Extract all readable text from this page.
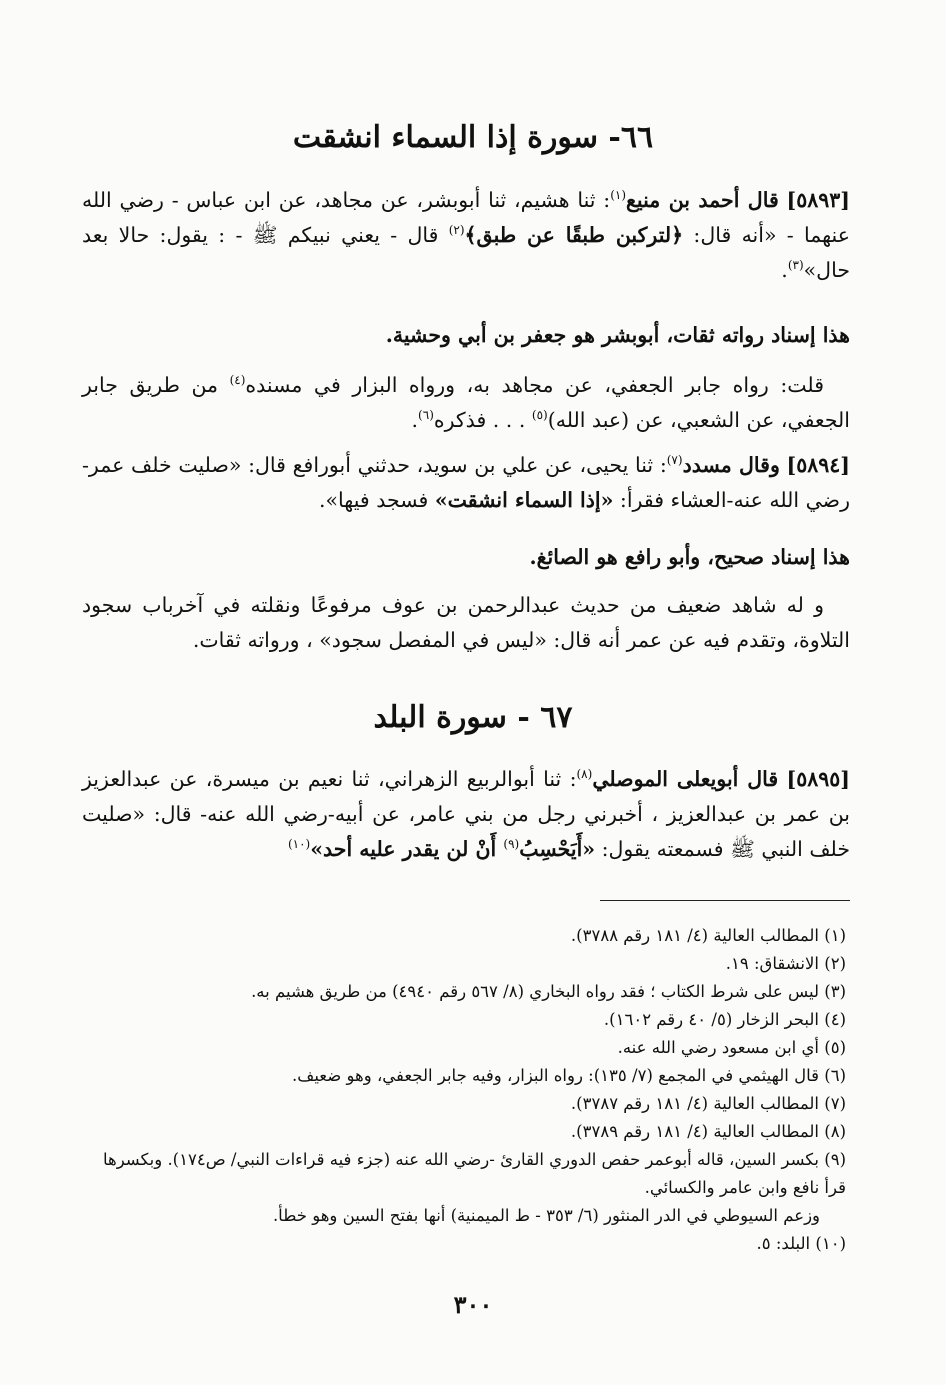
٦٦- سورة إذا السماء انشقت

[٥٨٩٣] قال أحمد بن منيع$^{(١)}$: ثنا هشيم، ثنا أبوبشر، عن مجاهد، عن ابن عباس - رضي الله عنهما - «أنه قال: ﴿لتركبن طبقًا عن طبق﴾$^{(٢)}$ قال - يعني نبيكم ﷺ - : يقول: حالا بعد حال»$^{(٣)}$.

هذا إسناد رواته ثقات، أبوبشر هو جعفر بن أبي وحشية.

قلت: رواه جابر الجعفي، عن مجاهد به، ورواه البزار في مسنده$^{(٤)}$ من طريق جابر الجعفي، عن الشعبي، عن (عبد الله)$^{(٥)}$ . . . فذكره$^{(٦)}$.

[٥٨٩٤] وقال مسدد$^{(٧)}$: ثنا يحيى، عن علي بن سويد، حدثني أبورافع قال: «صليت خلف عمر-رضي الله عنه-العشاء فقرأ: «إذا السماء انشقت» فسجد فيها».

هذا إسناد صحيح، وأبو رافع هو الصائغ.

و له شاهد ضعيف من حديث عبدالرحمن بن عوف مرفوعًا ونقلته في آخرباب سجود التلاوة، وتقدم فيه عن عمر أنه قال: «ليس في المفصل سجود» ، ورواته ثقات.

٦٧ - سورة البلد

[٥٨٩٥] قال أبويعلى الموصلي$^{(٨)}$: ثنا أبوالربيع الزهراني، ثنا نعيم بن ميسرة، عن عبدالعزيز بن عمر بن عبدالعزيز ، أخبرني رجل من بني عامر، عن أبيه-رضي الله عنه- قال: «صليت خلف النبي ﷺ فسمعته يقول: «أَيَحْسِبُ$^{(٩)}$ أَنْ لن يقدر عليه أحد»$^{(١٠)}$

(١) المطالب العالية (٤/ ١٨١ رقم ٣٧٨٨).
(٢) الانشقاق: ١٩.
(٣) ليس على شرط الكتاب ؛ فقد رواه البخاري (٨/ ٥٦٧ رقم ٤٩٤٠) من طريق هشيم به.
(٤) البحر الزخار (٥/ ٤٠ رقم ١٦٠٢).
(٥) أي ابن مسعود رضي الله عنه.
(٦) قال الهيثمي في المجمع (٧/ ١٣٥): رواه البزار، وفيه جابر الجعفي، وهو ضعيف.
(٧) المطالب العالية (٤/ ١٨١ رقم ٣٧٨٧).
(٨) المطالب العالية (٤/ ١٨١ رقم ٣٧٨٩).
(٩) بكسر السين، قاله أبوعمر حفص الدوري القارئ -رضي الله عنه (جزء فيه قراءات النبي/ ص١٧٤). وبكسرها قرأ نافع وابن عامر والكسائي.
وزعم السيوطي في الدر المنثور (٦/ ٣٥٣ - ط الميمنية) أنها بفتح السين وهو خطأ.
(١٠) البلد: ٥.
٣٠٠
